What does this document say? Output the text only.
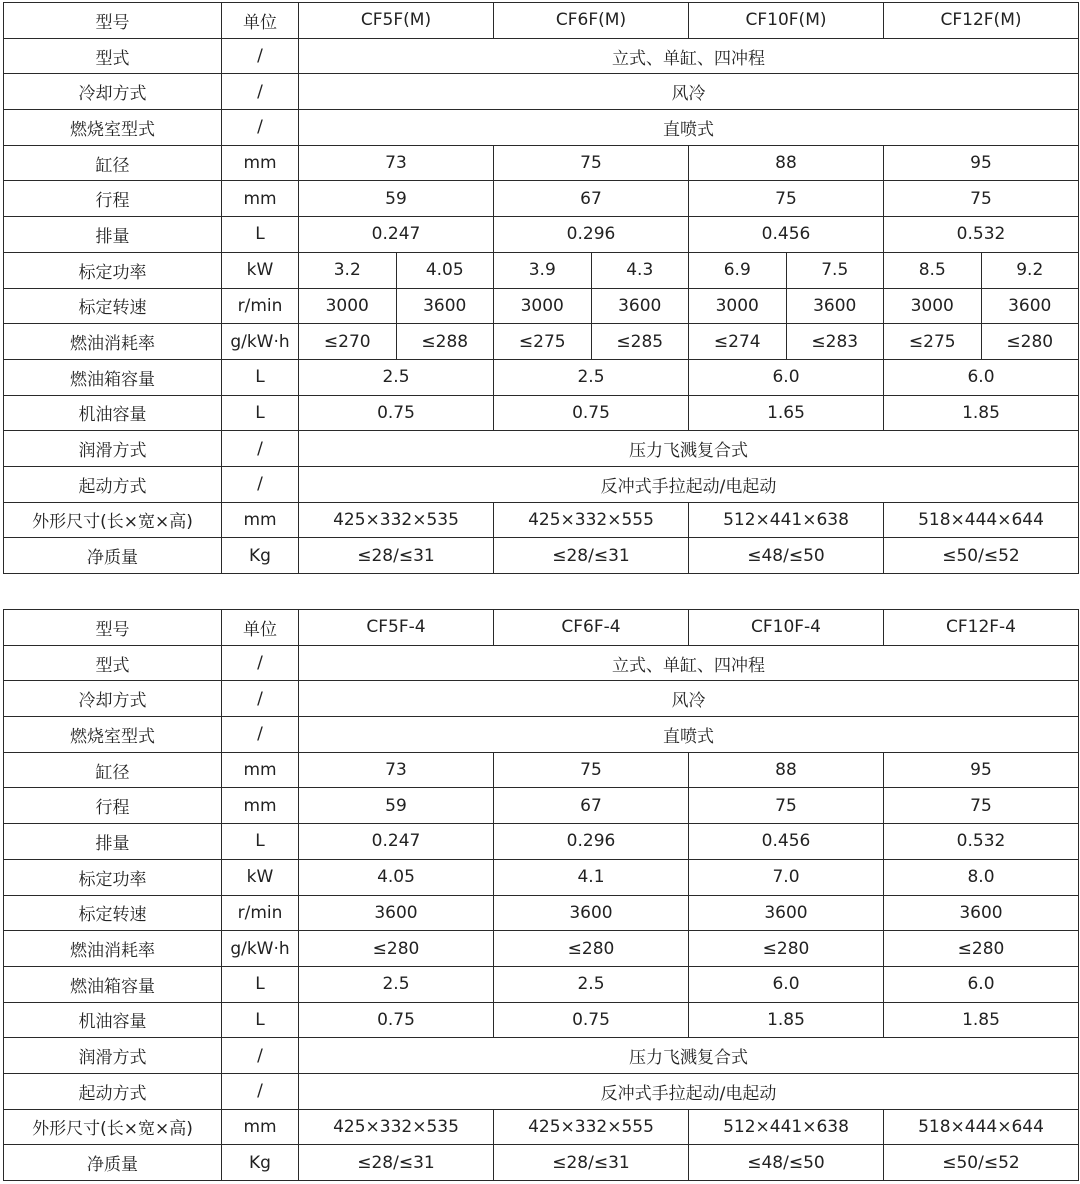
型号	单位	CF5F(M)		CF6F(M)		CF10F(M)		CF12F(M)	
型式	/	立式、单缸、四冲程							
冷却方式	/	风冷							
燃烧室型式	/	直喷式							
缸径	mm	73		75		88		95	
行程	mm	59		67		75		75	
排量	L	0.247		0.296		0.456		0.532	
标定功率	kW	3.2	4.05	3.9	4.3	6.9	7.5	8.5	9.2
标定转速	r/min	3000	3600	3000	3600	3000	3600	3000	3600
燃油消耗率	g/kW·h	≤270	≤288	≤275	≤285	≤274	≤283	≤275	≤280
燃油箱容量	L	2.5		2.5		6.0		6.0	
机油容量	L	0.75		0.75		1.65		1.85	
润滑方式	/	压力飞溅复合式							
起动方式	/	反冲式手拉起动/电起动							
外形尺寸(长×宽×高)	mm	425×332×535		425×332×555		512×441×638		518×444×644	
净质量	Kg	≤28/≤31		≤28/≤31		≤48/≤50		≤50/≤52	
型号	单位	CF5F-4	CF6F-4	CF10F-4	CF12F-4
型式	/	立式、单缸、四冲程			
冷却方式	/	风冷			
燃烧室型式	/	直喷式			
缸径	mm	73	75	88	95
行程	mm	59	67	75	75
排量	L	0.247	0.296	0.456	0.532
标定功率	kW	4.05	4.1	7.0	8.0
标定转速	r/min	3600	3600	3600	3600
燃油消耗率	g/kW·h	≤280	≤280	≤280	≤280
燃油箱容量	L	2.5	2.5	6.0	6.0
机油容量	L	0.75	0.75	1.85	1.85
润滑方式	/	压力飞溅复合式			
起动方式	/	反冲式手拉起动/电起动			
外形尺寸(长×宽×高)	mm	425×332×535	425×332×555	512×441×638	518×444×644
净质量	Kg	≤28/≤31	≤28/≤31	≤48/≤50	≤50/≤52
